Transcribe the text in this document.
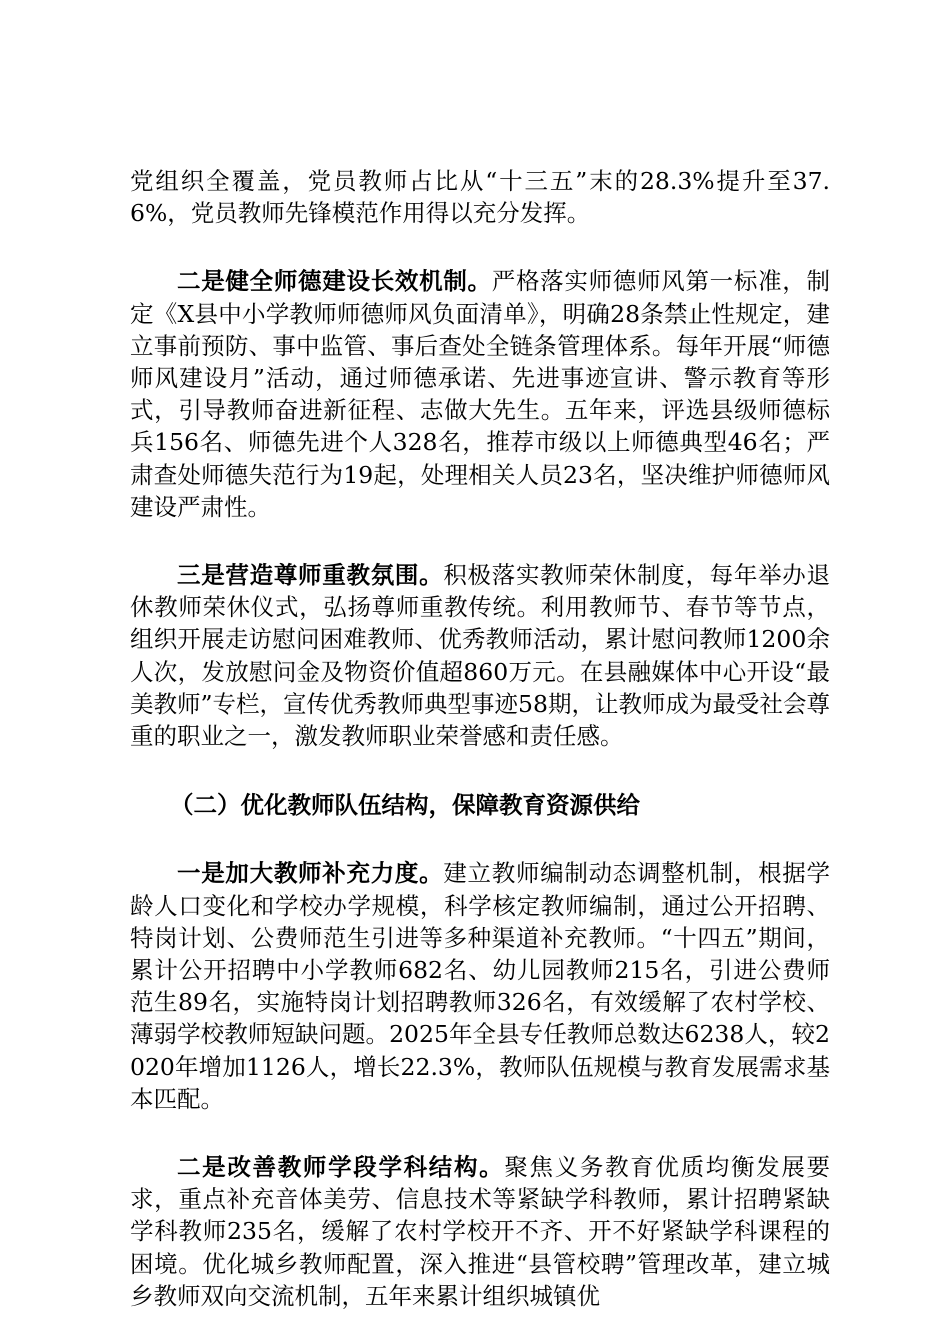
党组织全覆盖，党员教师占比从“十三五”末的28.3%提升至37.6%，党员教师先锋模范作用得以充分发挥。

二是健全师德建设长效机制。严格落实师德师风第一标准，制定《X县中小学教师师德师风负面清单》，明确28条禁止性规定，建立事前预防、事中监管、事后查处全链条管理体系。每年开展“师德师风建设月”活动，通过师德承诺、先进事迹宣讲、警示教育等形式，引导教师奋进新征程、志做大先生。五年来，评选县级师德标兵156名、师德先进个人328名，推荐市级以上师德典型46名；严肃查处师德失范行为19起，处理相关人员23名，坚决维护师德师风建设严肃性。

三是营造尊师重教氛围。积极落实教师荣休制度，每年举办退休教师荣休仪式，弘扬尊师重教传统。利用教师节、春节等节点，组织开展走访慰问困难教师、优秀教师活动，累计慰问教师1200余人次，发放慰问金及物资价值超860万元。在县融媒体中心开设“最美教师”专栏，宣传优秀教师典型事迹58期，让教师成为最受社会尊重的职业之一，激发教师职业荣誉感和责任感。

（二）优化教师队伍结构，保障教育资源供给

一是加大教师补充力度。建立教师编制动态调整机制，根据学龄人口变化和学校办学规模，科学核定教师编制，通过公开招聘、特岗计划、公费师范生引进等多种渠道补充教师。“十四五”期间，累计公开招聘中小学教师682名、幼儿园教师215名，引进公费师范生89名，实施特岗计划招聘教师326名，有效缓解了农村学校、薄弱学校教师短缺问题。2025年全县专任教师总数达6238人，较2020年增加1126人，增长22.3%，教师队伍规模与教育发展需求基本匹配。

二是改善教师学段学科结构。聚焦义务教育优质均衡发展要求，重点补充音体美劳、信息技术等紧缺学科教师，累计招聘紧缺学科教师235名，缓解了农村学校开不齐、开不好紧缺学科课程的困境。优化城乡教师配置，深入推进“县管校聘”管理改革，建立城乡教师双向交流机制，五年来累计组织城镇优
